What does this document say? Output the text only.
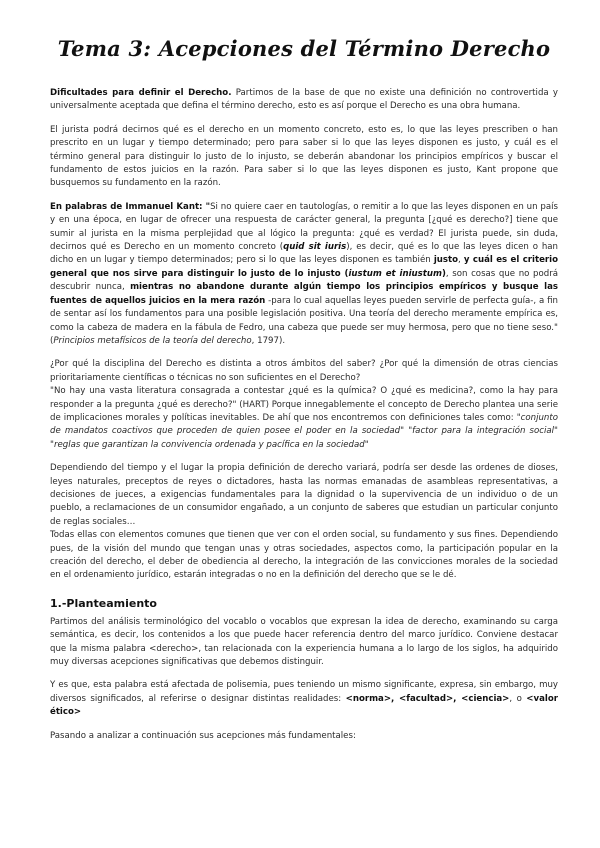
Tema 3: Acepciones del Término Derecho

Dificultades para definir el Derecho. Partimos de la base de que no existe una definición no controvertida y universalmente aceptada que defina el término derecho, esto es así porque el Derecho es una obra humana.

El jurista podrá decirnos qué es el derecho en un momento concreto, esto es, lo que las leyes prescriben o han prescrito en un lugar y tiempo determinado; pero para saber si lo que las leyes disponen es justo, y cuál es el término general para distinguir lo justo de lo injusto, se deberán abandonar los principios empíricos y buscar el fundamento de estos juicios en la razón. Para saber si lo que las leyes disponen es justo, Kant propone que busquemos su fundamento en la razón.

En palabras de Immanuel Kant: "Si no quiere caer en tautologías, o remitir a lo que las leyes disponen en un país y en una época, en lugar de ofrecer una respuesta de carácter general, la pregunta [¿qué es derecho?] tiene que sumir al jurista en la misma perplejidad que al lógico la pregunta: ¿qué es verdad? El jurista puede, sin duda, decirnos qué es Derecho en un momento concreto (quid sit iuris), es decir, qué es lo que las leyes dicen o han dicho en un lugar y tiempo determinados; pero si lo que las leyes disponen es también justo, y cuál es el criterio general que nos sirve para distinguir lo justo de lo injusto (iustum et iniustum), son cosas que no podrá descubrir nunca, mientras no abandone durante algún tiempo los principios empíricos y busque las fuentes de aquellos juicios en la mera razón -para lo cual aquellas leyes pueden servirle de perfecta guía-, a fin de sentar así los fundamentos para una posible legislación positiva. Una teoría del derecho meramente empírica es, como la cabeza de madera en la fábula de Fedro, una cabeza que puede ser muy hermosa, pero que no tiene seso." (Principios metafísicos de la teoría del derecho, 1797).

¿Por qué la disciplina del Derecho es distinta a otros ámbitos del saber? ¿Por qué la dimensión de otras ciencias prioritariamente científicas o técnicas no son suficientes en el Derecho?
"No hay una vasta literatura consagrada a contestar ¿qué es la química? O ¿qué es medicina?, como la hay para responder a la pregunta ¿qué es derecho?" (HART) Porque innegablemente el concepto de Derecho plantea una serie de implicaciones morales y políticas inevitables. De ahí que nos encontremos con definiciones tales como: "conjunto de mandatos coactivos que proceden de quien posee el poder en la sociedad" "factor para la integración social" "reglas que garantizan la convivencia ordenada y pacífica en la sociedad"

Dependiendo del tiempo y el lugar la propia definición de derecho variará, podría ser desde las ordenes de dioses, leyes naturales, preceptos de reyes o dictadores, hasta las normas emanadas de asambleas representativas, a decisiones de jueces, a exigencias fundamentales para la dignidad o la supervivencia de un individuo o de un pueblo, a reclamaciones de un consumidor engañado, a un conjunto de saberes que estudian un particular conjunto de reglas sociales…

Todas ellas con elementos comunes que tienen que ver con el orden social, su fundamento y sus fines. Dependiendo pues, de la visión del mundo que tengan unas y otras sociedades, aspectos como, la participación popular en la creación del derecho, el deber de obediencia al derecho, la integración de las convicciones morales de la sociedad en el ordenamiento jurídico, estarán integradas o no en la definición del derecho que se le dé.

1.-Planteamiento

Partimos del análisis terminológico del vocablo o vocablos que expresan la idea de derecho, examinando su carga semántica, es decir, los contenidos a los que puede hacer referencia dentro del marco jurídico. Conviene destacar que la misma palabra <derecho>, tan relacionada con la experiencia humana a lo largo de los siglos, ha adquirido muy diversas acepciones significativas que debemos distinguir.

Y es que, esta palabra está afectada de polisemia, pues teniendo un mismo significante, expresa, sin embargo, muy diversos significados, al referirse o designar distintas realidades: <norma>, <facultad>, <ciencia>, o <valor ético>

Pasando a analizar a continuación sus acepciones más fundamentales:
